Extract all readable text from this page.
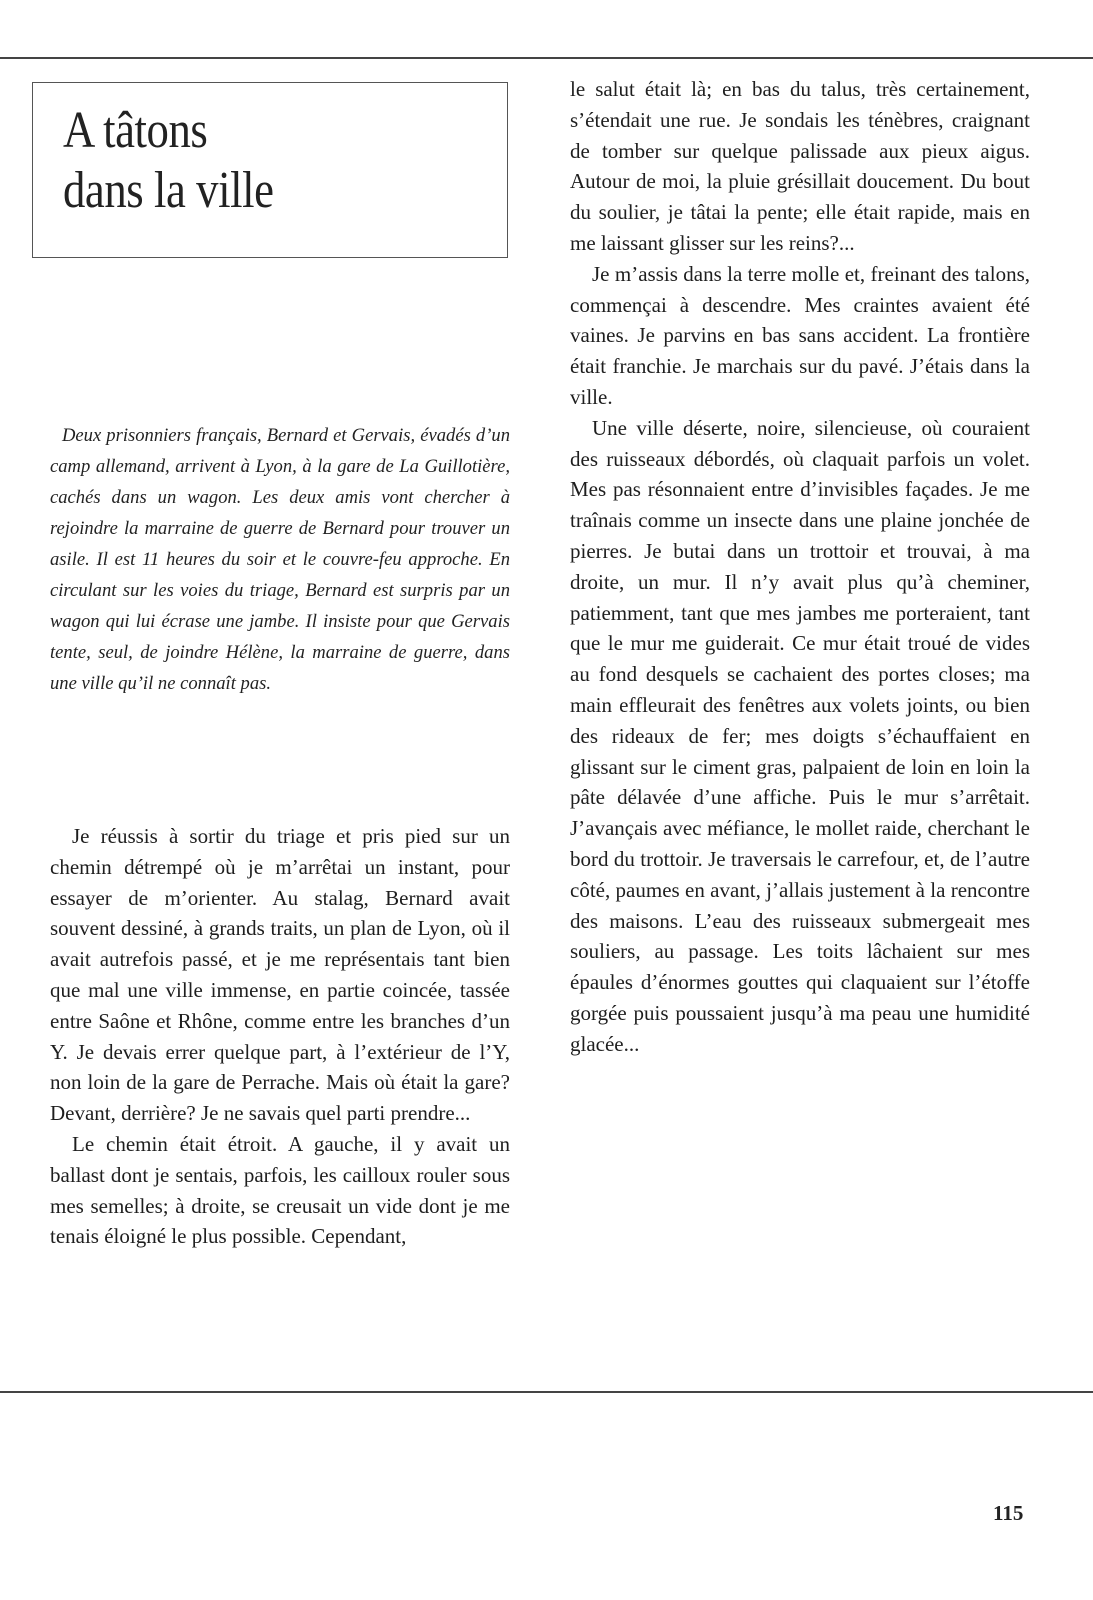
A tâtons
dans la ville

Deux prisonniers français, Bernard et Gervais, évadés d’un camp allemand, arrivent à Lyon, à la gare de La Guillotière, cachés dans un wagon. Les deux amis vont chercher à rejoindre la marraine de guerre de Bernard pour trouver un asile. Il est 11 heures du soir et le couvre-feu approche. En circulant sur les voies du triage, Bernard est surpris par un wagon qui lui écrase une jambe. Il insiste pour que Gervais tente, seul, de joindre Hélène, la marraine de guerre, dans une ville qu’il ne connaît pas.

Je réussis à sortir du triage et pris pied sur un chemin détrempé où je m’arrêtai un instant, pour essayer de m’orienter. Au stalag, Bernard avait souvent dessiné, à grands traits, un plan de Lyon, où il avait autrefois passé, et je me représentais tant bien que mal une ville immense, en partie coincée, tassée entre Saône et Rhône, comme entre les branches d’un Y. Je devais errer quelque part, à l’extérieur de l’Y, non loin de la gare de Perrache. Mais où était la gare? Devant, derrière? Je ne savais quel parti prendre...

Le chemin était étroit. A gauche, il y avait un ballast dont je sentais, parfois, les cailloux rouler sous mes semelles; à droite, se creusait un vide dont je me tenais éloigné le plus possible. Cependant,

le salut était là; en bas du talus, très certainement, s’étendait une rue. Je sondais les ténèbres, craignant de tomber sur quelque palissade aux pieux aigus. Autour de moi, la pluie grésillait doucement. Du bout du soulier, je tâtai la pente; elle était rapide, mais en me laissant glisser sur les reins?...

Je m’assis dans la terre molle et, freinant des talons, commençai à descendre. Mes craintes avaient été vaines. Je parvins en bas sans accident. La frontière était franchie. Je marchais sur du pavé. J’étais dans la ville.

Une ville déserte, noire, silencieuse, où couraient des ruisseaux débordés, où claquait parfois un volet. Mes pas résonnaient entre d’invisibles façades. Je me traînais comme un insecte dans une plaine jonchée de pierres. Je butai dans un trottoir et trouvai, à ma droite, un mur. Il n’y avait plus qu’à cheminer, patiemment, tant que mes jambes me porteraient, tant que le mur me guiderait. Ce mur était troué de vides au fond desquels se cachaient des portes closes; ma main effleurait des fenêtres aux volets joints, ou bien des rideaux de fer; mes doigts s’échauffaient en glissant sur le ciment gras, palpaient de loin en loin la pâte délavée d’une affiche. Puis le mur s’arrêtait. J’avançais avec méfiance, le mollet raide, cherchant le bord du trottoir. Je traversais le carrefour, et, de l’autre côté, paumes en avant, j’allais justement à la rencontre des maisons. L’eau des ruisseaux submergeait mes souliers, au passage. Les toits lâchaient sur mes épaules d’énormes gouttes qui claquaient sur l’étoffe gorgée puis poussaient jusqu’à ma peau une humidité glacée...

115
